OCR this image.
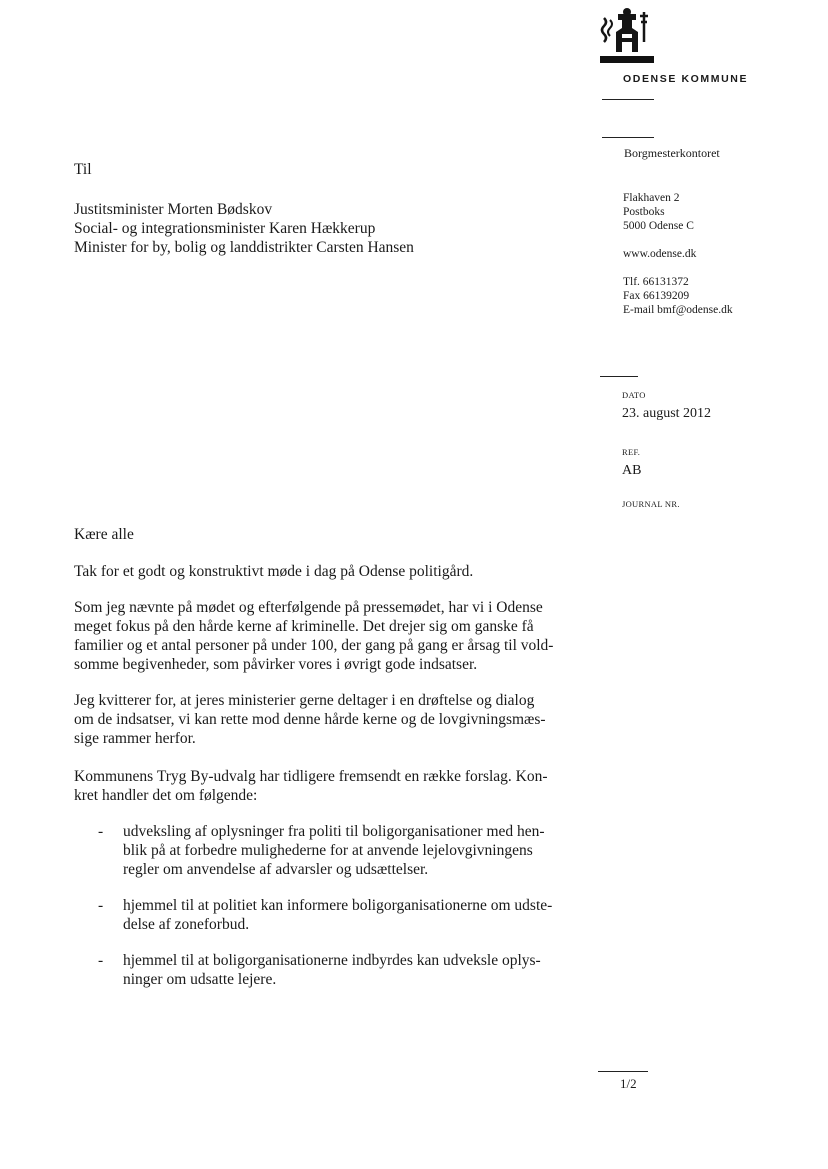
ODENSE KOMMUNE
Borgmesterkontoret
Flakhaven 2
Postboks
5000 Odense C
www.odense.dk
Tlf. 66131372
Fax 66139209
E-mail bmf@odense.dk
DATO
23. august 2012
REF.
AB
JOURNAL NR.
Til
Justitsminister Morten Bødskov
Social- og integrationsminister Karen Hækkerup
Minister for by, bolig og landdistrikter Carsten Hansen
Kære alle
Tak for et godt og konstruktivt møde i dag på Odense politigård.
Som jeg nævnte på mødet og efterfølgende på pressemødet, har vi i Odense
meget fokus på den hårde kerne af kriminelle. Det drejer sig om ganske få
familier og et antal personer på under 100, der gang på gang er årsag til vold-
somme begivenheder, som påvirker vores i øvrigt gode indsatser.
Jeg kvitterer for, at jeres ministerier gerne deltager i en drøftelse og dialog
om de indsatser, vi kan rette mod denne hårde kerne og de lovgivningsmæs-
sige rammer herfor.
Kommunens Tryg By-udvalg har tidligere fremsendt en række forslag. Kon-
kret handler det om følgende:
- udveksling af oplysninger fra politi til boligorganisationer med hen-
blik på at forbedre mulighederne for at anvende lejelovgivningens
regler om anvendelse af advarsler og udsættelser.
- hjemmel til at politiet kan informere boligorganisationerne om udste-
delse af zoneforbud.
- hjemmel til at boligorganisationerne indbyrdes kan udveksle oplys-
ninger om udsatte lejere.
1/2
